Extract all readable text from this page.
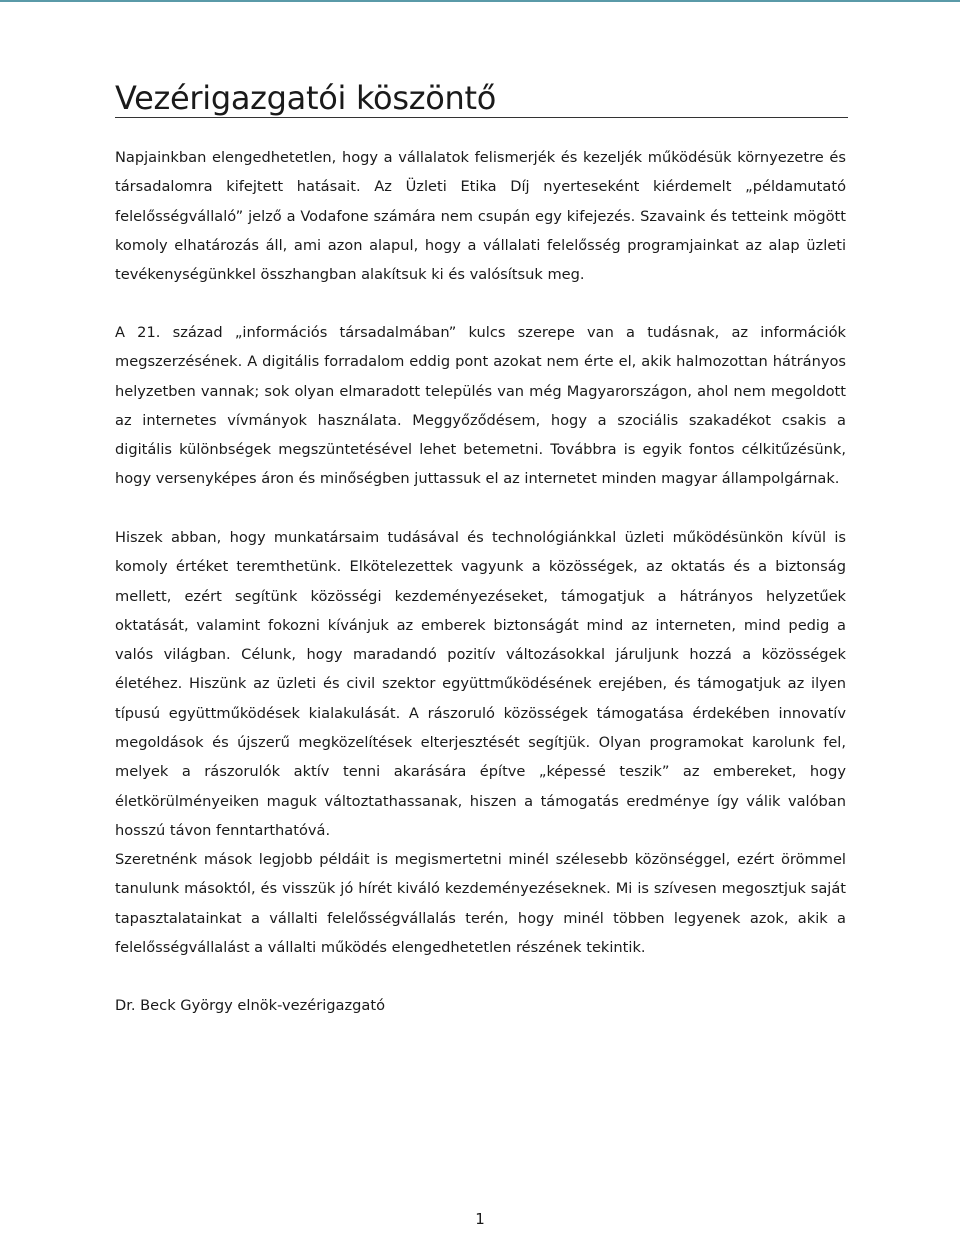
Vezérigazgatói köszöntő

Napjainkban elengedhetetlen, hogy a vállalatok felismerjék és kezeljék működésük környezetre és társadalomra kifejtett hatásait. Az Üzleti Etika Díj nyerteseként kiérdemelt „példamutató felelősségvállaló” jelző a Vodafone számára nem csupán egy kifejezés. Szavaink és tetteink mögött komoly elhatározás áll, ami azon alapul, hogy a vállalati felelősség programjainkat az alap üzleti tevékenységünkkel összhangban alakítsuk ki és valósítsuk meg.

A 21. század „információs társadalmában” kulcs szerepe van a tudásnak, az információk megszerzésének. A digitális forradalom eddig pont azokat nem érte el, akik halmozottan hátrányos helyzetben vannak; sok olyan elmaradott település van még Magyarországon, ahol nem megoldott az internetes vívmányok használata. Meggyőződésem, hogy a szociális szakadékot csakis a digitális különbségek megszüntetésével lehet betemetni. Továbbra is egyik fontos célkitűzésünk, hogy versenyképes áron és minőségben juttassuk el az internetet minden magyar állampolgárnak.

Hiszek abban, hogy munkatársaim tudásával és technológiánkkal üzleti működésünkön kívül is komoly értéket teremthetünk. Elkötelezettek vagyunk a közösségek, az oktatás és a biztonság mellett, ezért segítünk közösségi kezdeményezéseket, támogatjuk a hátrányos helyzetűek oktatását, valamint fokozni kívánjuk az emberek biztonságát mind az interneten, mind pedig a valós világban. Célunk, hogy maradandó pozitív változásokkal járuljunk hozzá a közösségek életéhez. Hiszünk az üzleti és civil szektor együttműködésének erejében, és támogatjuk az ilyen típusú együttműködések kialakulását. A rászoruló közösségek támogatása érdekében innovatív megoldások és újszerű megközelítések elterjesztését segítjük. Olyan programokat karolunk fel, melyek a rászorulók aktív tenni akarására építve „képessé teszik” az embereket, hogy életkörülményeiken maguk változtathassanak, hiszen a támogatás eredménye így válik valóban hosszú távon fenntarthatóvá.

Szeretnénk mások legjobb példáit is megismertetni minél szélesebb közönséggel, ezért örömmel tanulunk másoktól, és visszük jó hírét kiváló kezdeményezéseknek. Mi is szívesen megosztjuk saját tapasztalatainkat a vállalti felelősségvállalás terén, hogy minél többen legyenek azok, akik a felelősségvállalást a vállalti működés elengedhetetlen részének tekintik.

Dr. Beck György elnök-vezérigazgató

1
